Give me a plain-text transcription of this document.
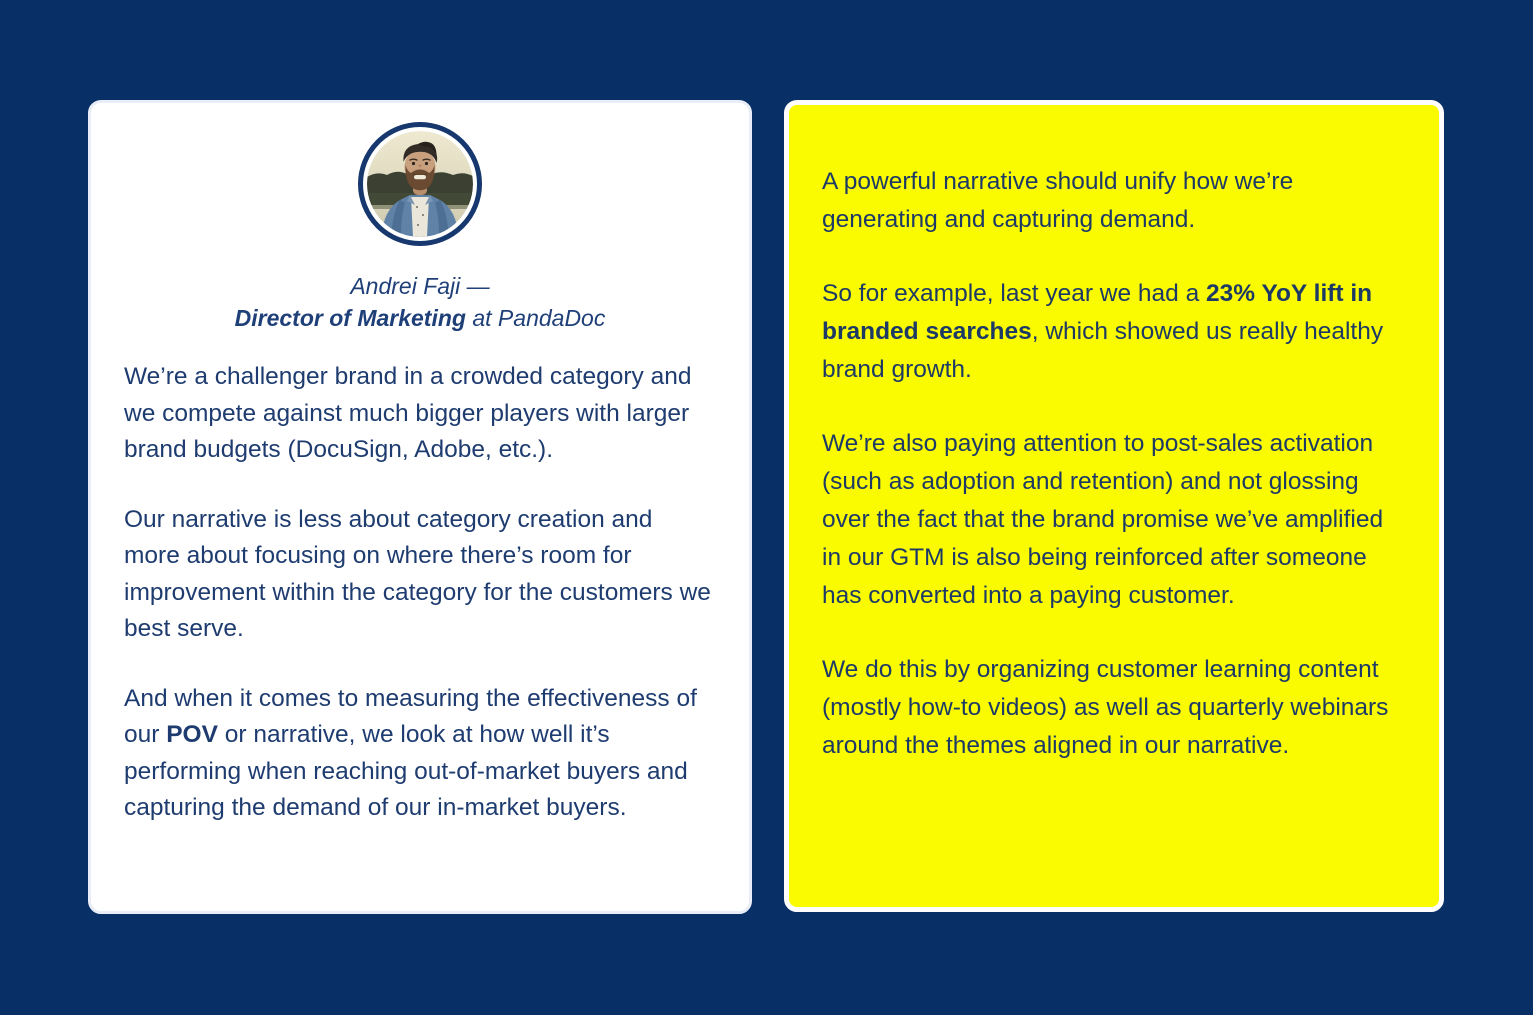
Andrei Faji —
Director of Marketing at PandaDoc

We’re a challenger brand in a crowded category and we compete against much bigger players with larger brand budgets (DocuSign, Adobe, etc.).

Our narrative is less about category creation and more about focusing on where there’s room for improvement within the category for the customers we best serve.

And when it comes to measuring the effectiveness of our POV or narrative, we look at how well it’s performing when reaching out-of-market buyers and capturing the demand of our in-market buyers.

A powerful narrative should unify how we’re generating and capturing demand.

So for example, last year we had a 23% YoY lift in branded searches, which showed us really healthy brand growth.

We’re also paying attention to post-sales activation (such as adoption and retention) and not glossing over the fact that the brand promise we’ve amplified in our GTM is also being reinforced after someone has converted into a paying customer.

We do this by organizing customer learning content (mostly how-to videos) as well as quarterly webinars around the themes aligned in our narrative.
